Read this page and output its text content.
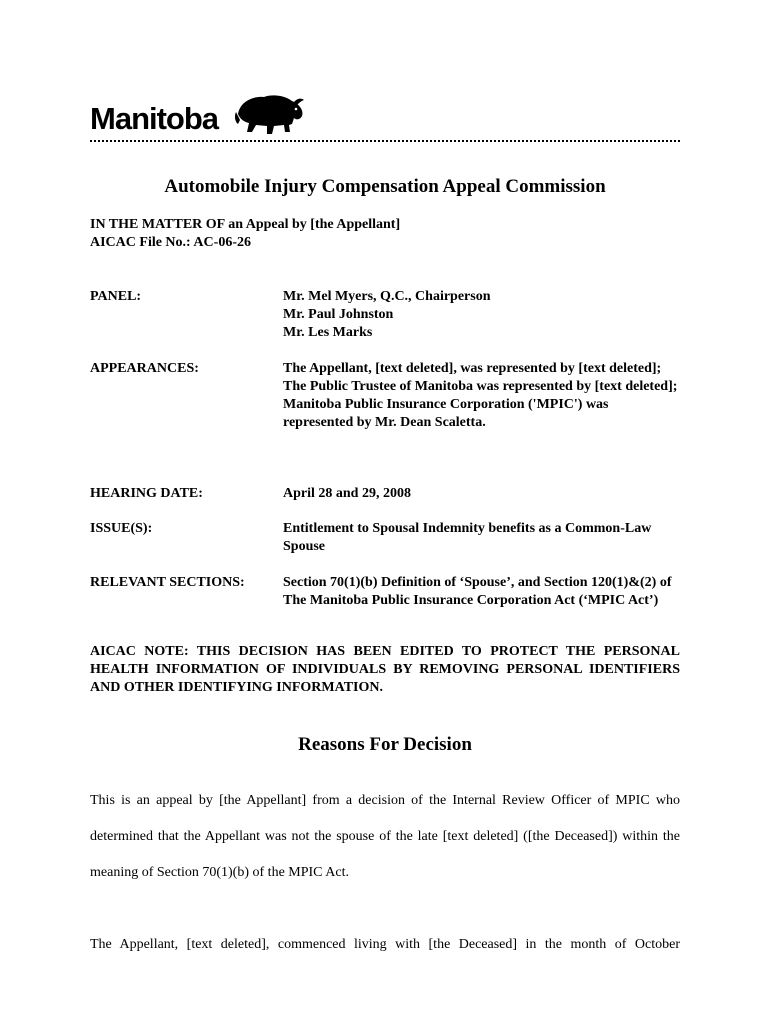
Manitoba
Automobile Injury Compensation Appeal Commission
IN THE MATTER OF an Appeal by [the Appellant]
AICAC File No.: AC-06-26
PANEL:	Mr. Mel Myers, Q.C., Chairperson
Mr. Paul Johnston
Mr. Les Marks
APPEARANCES:	The Appellant, [text deleted], was represented by [text deleted]; The Public Trustee of Manitoba was represented by [text deleted]; Manitoba Public Insurance Corporation ('MPIC') was represented by Mr. Dean Scaletta.
HEARING DATE:	April 28 and 29, 2008
ISSUE(S):	Entitlement to Spousal Indemnity benefits as a Common-Law Spouse
RELEVANT SECTIONS:	Section 70(1)(b) Definition of ‘Spouse’, and Section 120(1)&(2) of The Manitoba Public Insurance Corporation Act (‘MPIC Act’)
AICAC NOTE: THIS DECISION HAS BEEN EDITED TO PROTECT THE PERSONAL HEALTH INFORMATION OF INDIVIDUALS BY REMOVING PERSONAL IDENTIFIERS AND OTHER IDENTIFYING INFORMATION.
Reasons For Decision
This is an appeal by [the Appellant] from a decision of the Internal Review Officer of MPIC who determined that the Appellant was not the spouse of the late [text deleted] ([the Deceased]) within the meaning of Section 70(1)(b) of the MPIC Act.
The Appellant, [text deleted], commenced living with [the Deceased] in the month of October
